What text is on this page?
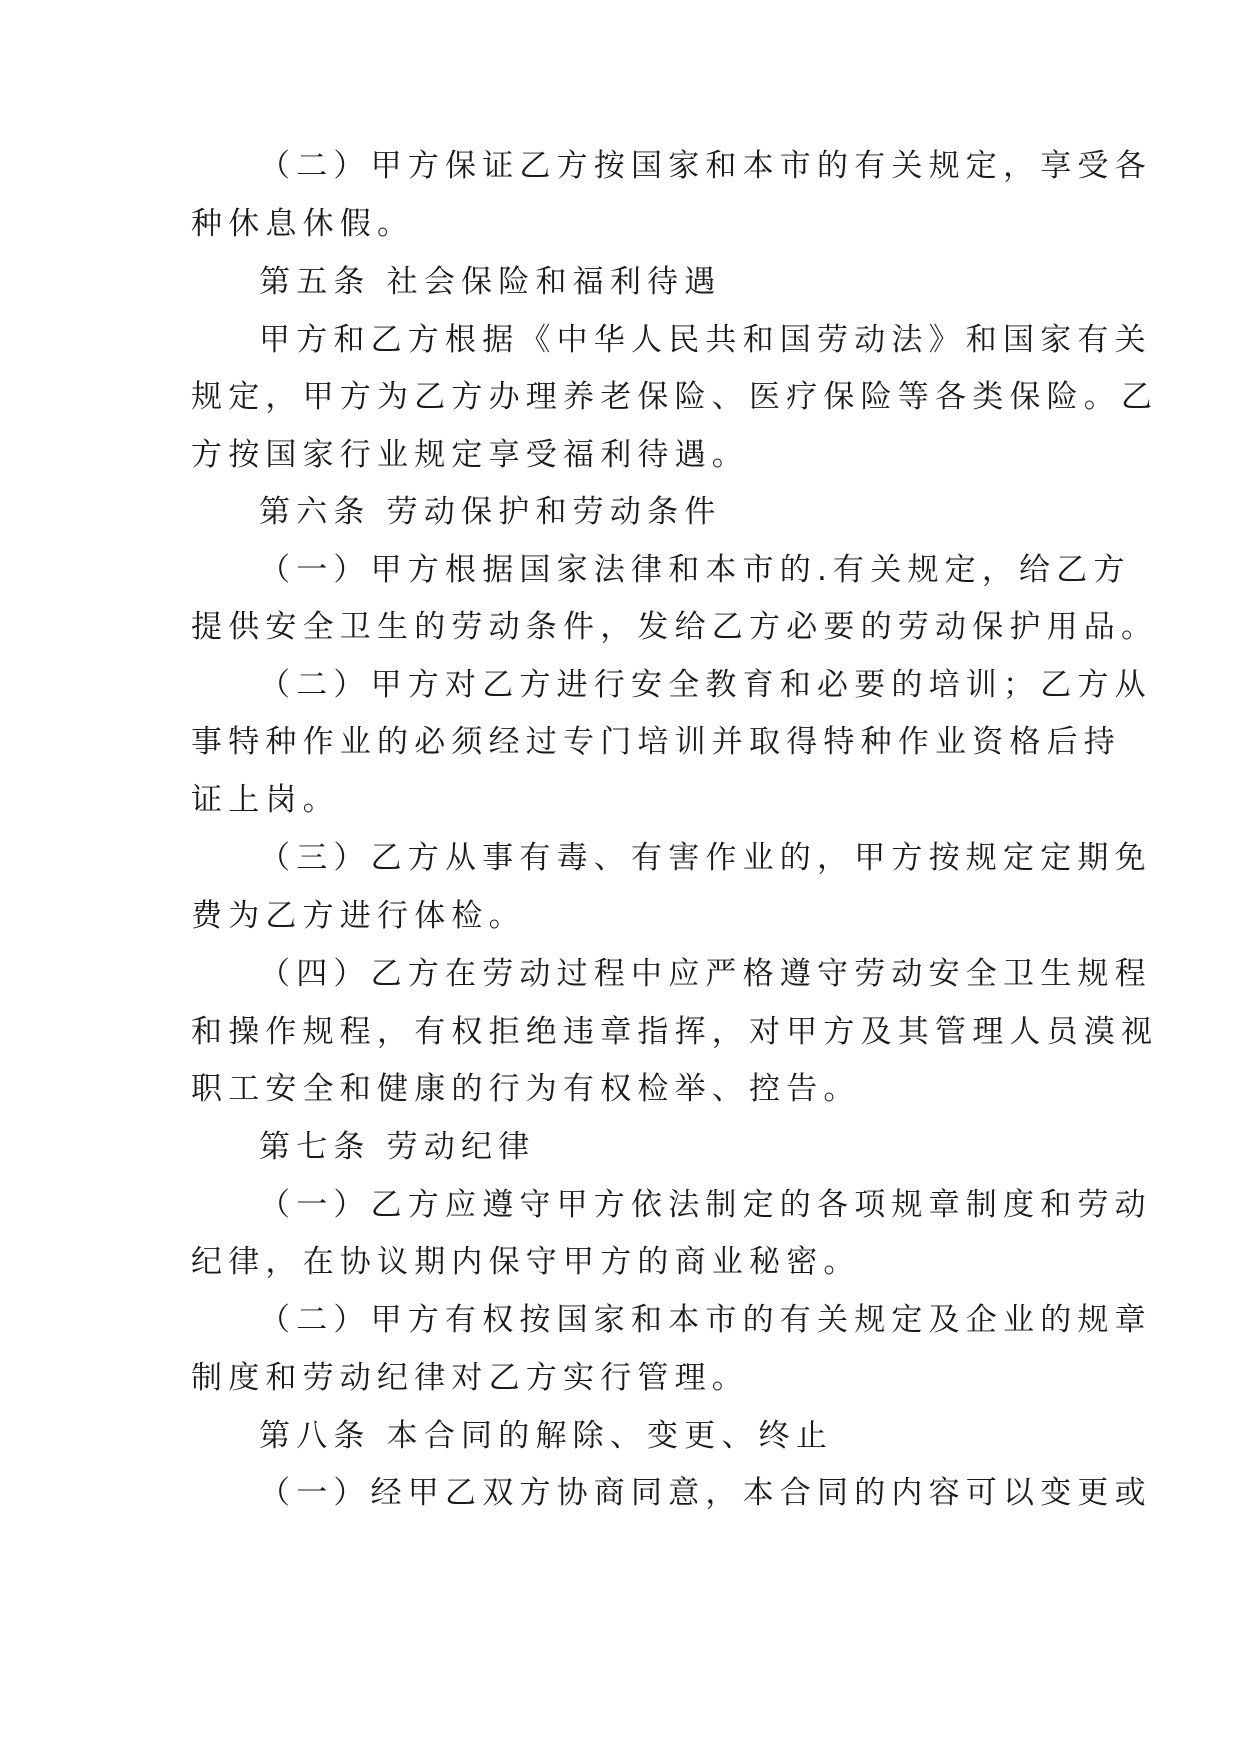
（二）甲方保证乙方按国家和本市的有关规定，享受各

种休息休假。

第五条 社会保险和福利待遇

甲方和乙方根据《中华人民共和国劳动法》和国家有关

规定，甲方为乙方办理养老保险、医疗保险等各类保险。乙

方按国家行业规定享受福利待遇。

第六条 劳动保护和劳动条件

（一）甲方根据国家法律和本市的.有关规定，给乙方

提供安全卫生的劳动条件，发给乙方必要的劳动保护用品。

（二）甲方对乙方进行安全教育和必要的培训；乙方从

事特种作业的必须经过专门培训并取得特种作业资格后持

证上岗。

（三）乙方从事有毒、有害作业的，甲方按规定定期免

费为乙方进行体检。

（四）乙方在劳动过程中应严格遵守劳动安全卫生规程

和操作规程，有权拒绝违章指挥，对甲方及其管理人员漠视

职工安全和健康的行为有权检举、控告。

第七条 劳动纪律

（一）乙方应遵守甲方依法制定的各项规章制度和劳动

纪律，在协议期内保守甲方的商业秘密。

（二）甲方有权按国家和本市的有关规定及企业的规章

制度和劳动纪律对乙方实行管理。

第八条 本合同的解除、变更、终止

（一）经甲乙双方协商同意，本合同的内容可以变更或
